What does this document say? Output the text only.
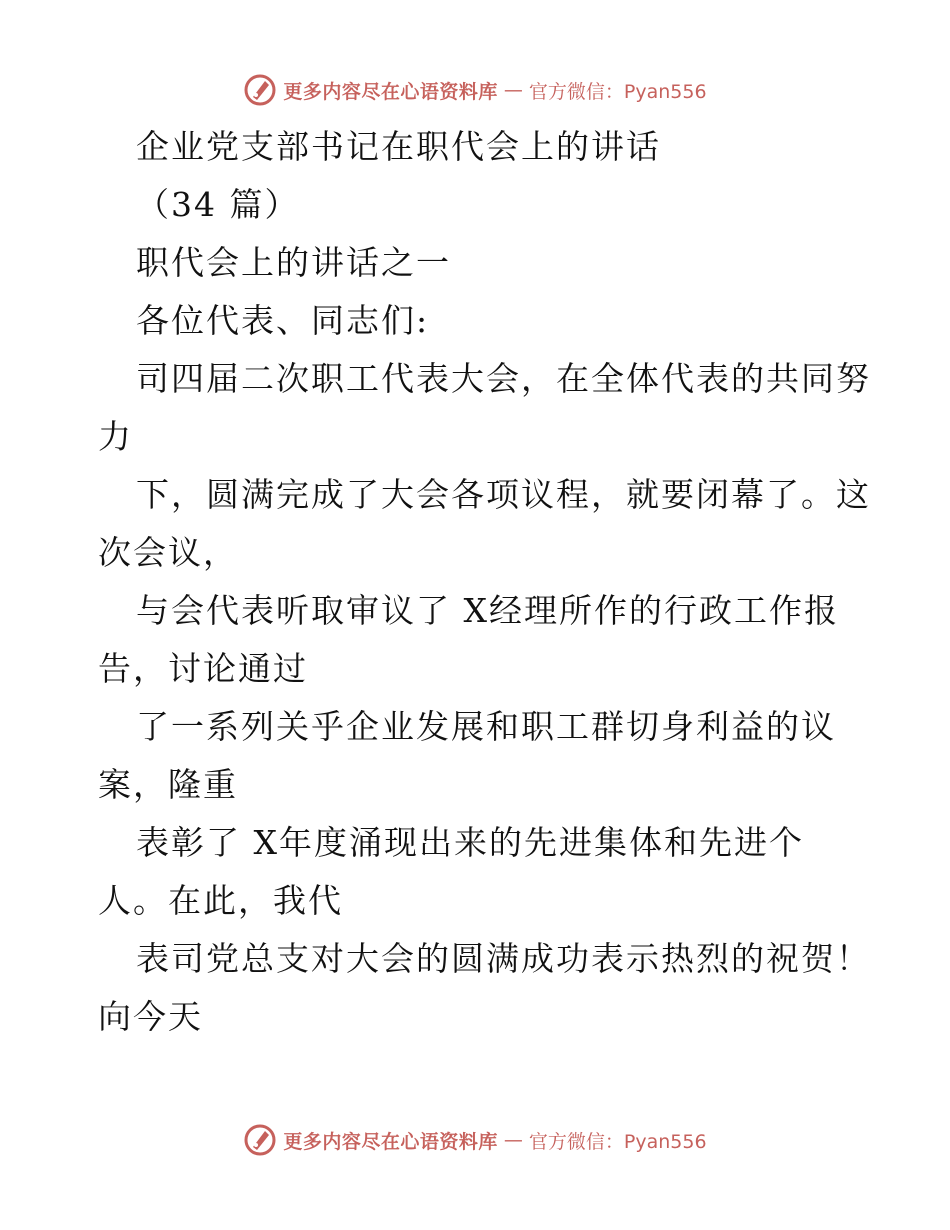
更多内容尽在心语资料库 — 官方微信：Pyan556
企业党支部书记在职代会上的讲话
（34 篇）
职代会上的讲话之一
各位代表、同志们:
司四届二次职工代表大会，在全体代表的共同努
力
下，圆满完成了大会各项议程，就要闭幕了。这
次会议，
与会代表听取审议了 X经理所作的行政工作报
告，讨论通过
了一系列关乎企业发展和职工群切身利益的议
案，隆重
表彰了 X年度涌现出来的先进集体和先进个
人。在此，我代
表司党总支对大会的圆满成功表示热烈的祝贺！
向今天
更多内容尽在心语资料库 — 官方微信：Pyan556
